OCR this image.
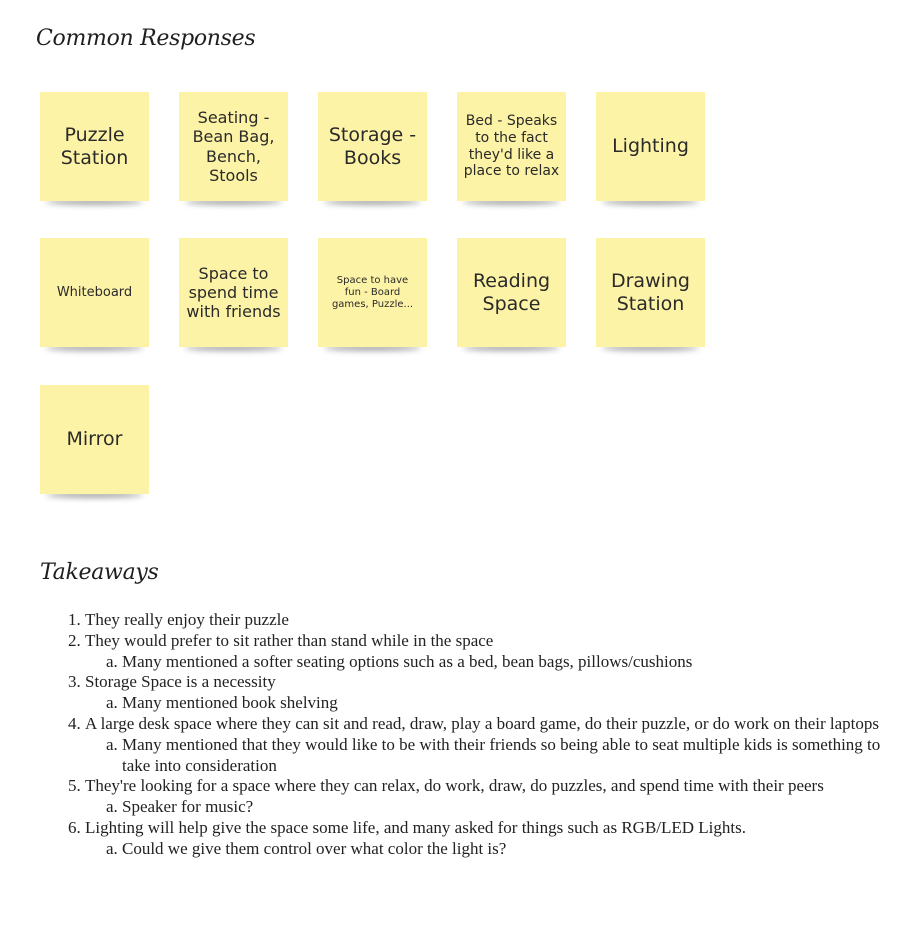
Common Responses
Puzzle Station
Seating - Bean Bag, Bench, Stools
Storage - Books
Bed - Speaks to the fact they'd like a place to relax
Lighting
Whiteboard
Space to spend time with friends
Space to have fun - Board games, Puzzle...
Reading Space
Drawing Station
Mirror
Takeaways
1. They really enjoy their puzzle
2. They would prefer to sit rather than stand while in the space
a. Many mentioned a softer seating options such as a bed, bean bags, pillows/cushions
3. Storage Space is a necessity
a. Many mentioned book shelving
4. A large desk space where they can sit and read, draw, play a board game, do their puzzle, or do work on their laptops
a. Many mentioned that they would like to be with their friends so being able to seat multiple kids is something to take into consideration
5. They're looking for a space where they can relax, do work, draw, do puzzles, and spend time with their peers
a. Speaker for music?
6. Lighting will help give the space some life, and many asked for things such as RGB/LED Lights.
a. Could we give them control over what color the light is?
